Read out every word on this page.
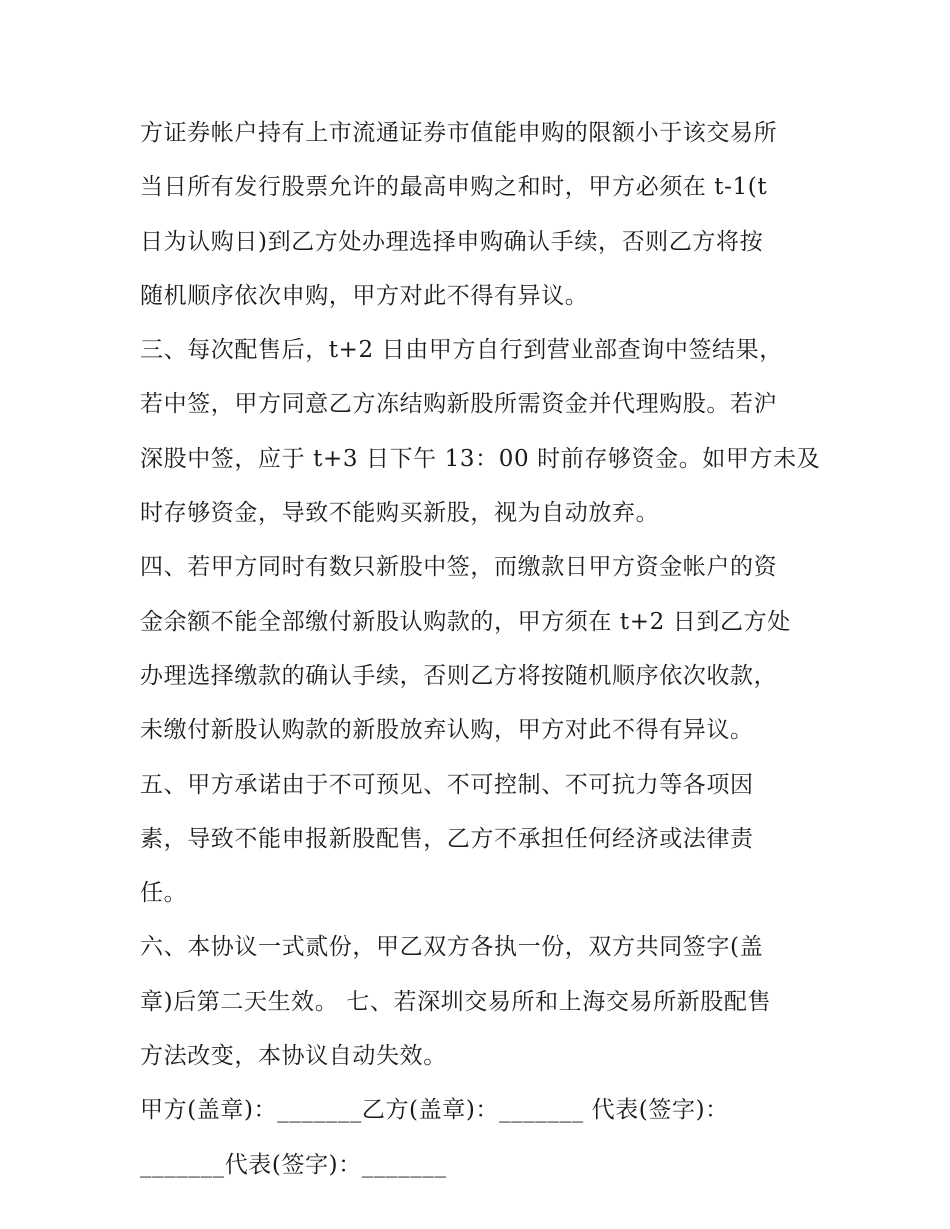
方证券帐户持有上市流通证券市值能申购的限额小于该交易所
当日所有发行股票允许的最高申购之和时，甲方必须在 t-1(t
日为认购日)到乙方处办理选择申购确认手续，否则乙方将按
随机顺序依次申购，甲方对此不得有异议。
三、每次配售后，t+2 日由甲方自行到营业部查询中签结果，
若中签，甲方同意乙方冻结购新股所需资金并代理购股。若沪
深股中签，应于 t+3 日下午 13：00 时前存够资金。如甲方未及
时存够资金，导致不能购买新股，视为自动放弃。
四、若甲方同时有数只新股中签，而缴款日甲方资金帐户的资
金余额不能全部缴付新股认购款的，甲方须在 t+2 日到乙方处
办理选择缴款的确认手续，否则乙方将按随机顺序依次收款，
未缴付新股认购款的新股放弃认购，甲方对此不得有异议。
五、甲方承诺由于不可预见、不可控制、不可抗力等各项因
素，导致不能申报新股配售，乙方不承担任何经济或法律责
任。
六、本协议一式贰份，甲乙双方各执一份，双方共同签字(盖
章)后第二天生效。 七、若深圳交易所和上海交易所新股配售
方法改变，本协议自动失效。
甲方(盖章)：_______乙方(盖章)：_______ 代表(签字)：
_______代表(签字)：_______
